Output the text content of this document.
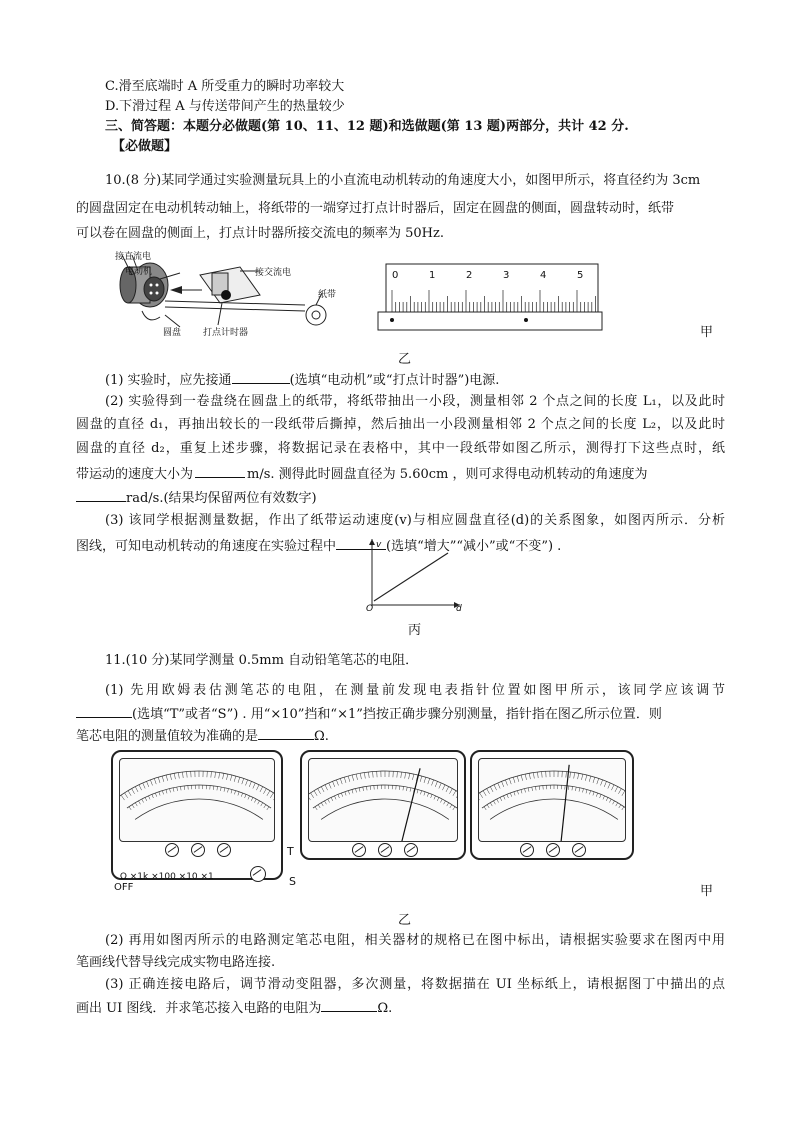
C.滑至底端时 A 所受重力的瞬时功率较大
D.下滑过程 A 与传送带间产生的热量较少
三、简答题：本题分必做题(第 10、11、12 题)和选做题(第 13 题)两部分，共计 42 分.
【必做题】
10.(8 分)某同学通过实验测量玩具上的小直流电动机转动的角速度大小，如图甲所示，将直径约为 3cm
的圆盘固定在电动机转动轴上，将纸带的一端穿过打点计时器后，固定在圆盘的侧面，圆盘转动时，纸带
可以卷在圆盘的侧面上，打点计时器所接交流电的频率为 50Hz.
接直流电
电动机	接交流电
纸带
圆盘 打点计时器
0	1	2	3	4	5
甲
乙
(1) 实验时，应先接通	(选填“电动机”或“打点计时器”)电源.
(2) 实验得到一卷盘绕在圆盘上的纸带，将纸带抽出一小段，测量相邻 2 个点之间的长度 L₁，以及此时
圆盘的直径 d₁，再抽出较长的一段纸带后撕掉，然后抽出一小段测量相邻 2 个点之间的长度 L₂，以及此时
圆盘的直径 d₂，重复上述步骤，将数据记录在表格中，其中一段纸带如图乙所示，测得打下这些点时，纸
带运动的速度大小为	m/s. 测得此时圆盘直径为 5.60cm ，则可求得电动机转动的角速度为
rad/s.(结果均保留两位有效数字)
(3) 该同学根据测量数据，作出了纸带运动速度(v)与相应圆盘直径(d)的关系图象，如图丙所示．分析
图线，可知电动机转动的角速度在实验过程中	(选填“增大”“减小”或“不变”) .
v
O	d
丙
11.(10 分)某同学测量 0.5mm 自动铅笔笔芯的电阻．
(1) 先用欧姆表估测笔芯的电阻，在测量前发现电表指针位置如图甲所示，该同学应该调节
(选填“T”或者“S”) . 用“×10”挡和“×1”挡按正确步骤分别测量，指针指在图乙所示位置．则
笔芯电阻的测量值较为准确的是	Ω.
T
S
Ω ×1k ×100 ×10 ×1
OFF	甲
乙
(2) 再用如图丙所示的电路测定笔芯电阻，相关器材的规格已在图中标出，请根据实验要求在图丙中用
笔画线代替导线完成实物电路连接.
(3) 正确连接电路后，调节滑动变阻器，多次测量，将数据描在 UI 坐标纸上，请根据图丁中描出的点
画出 UI 图线．并求笔芯接入电路的电阻为	Ω.
